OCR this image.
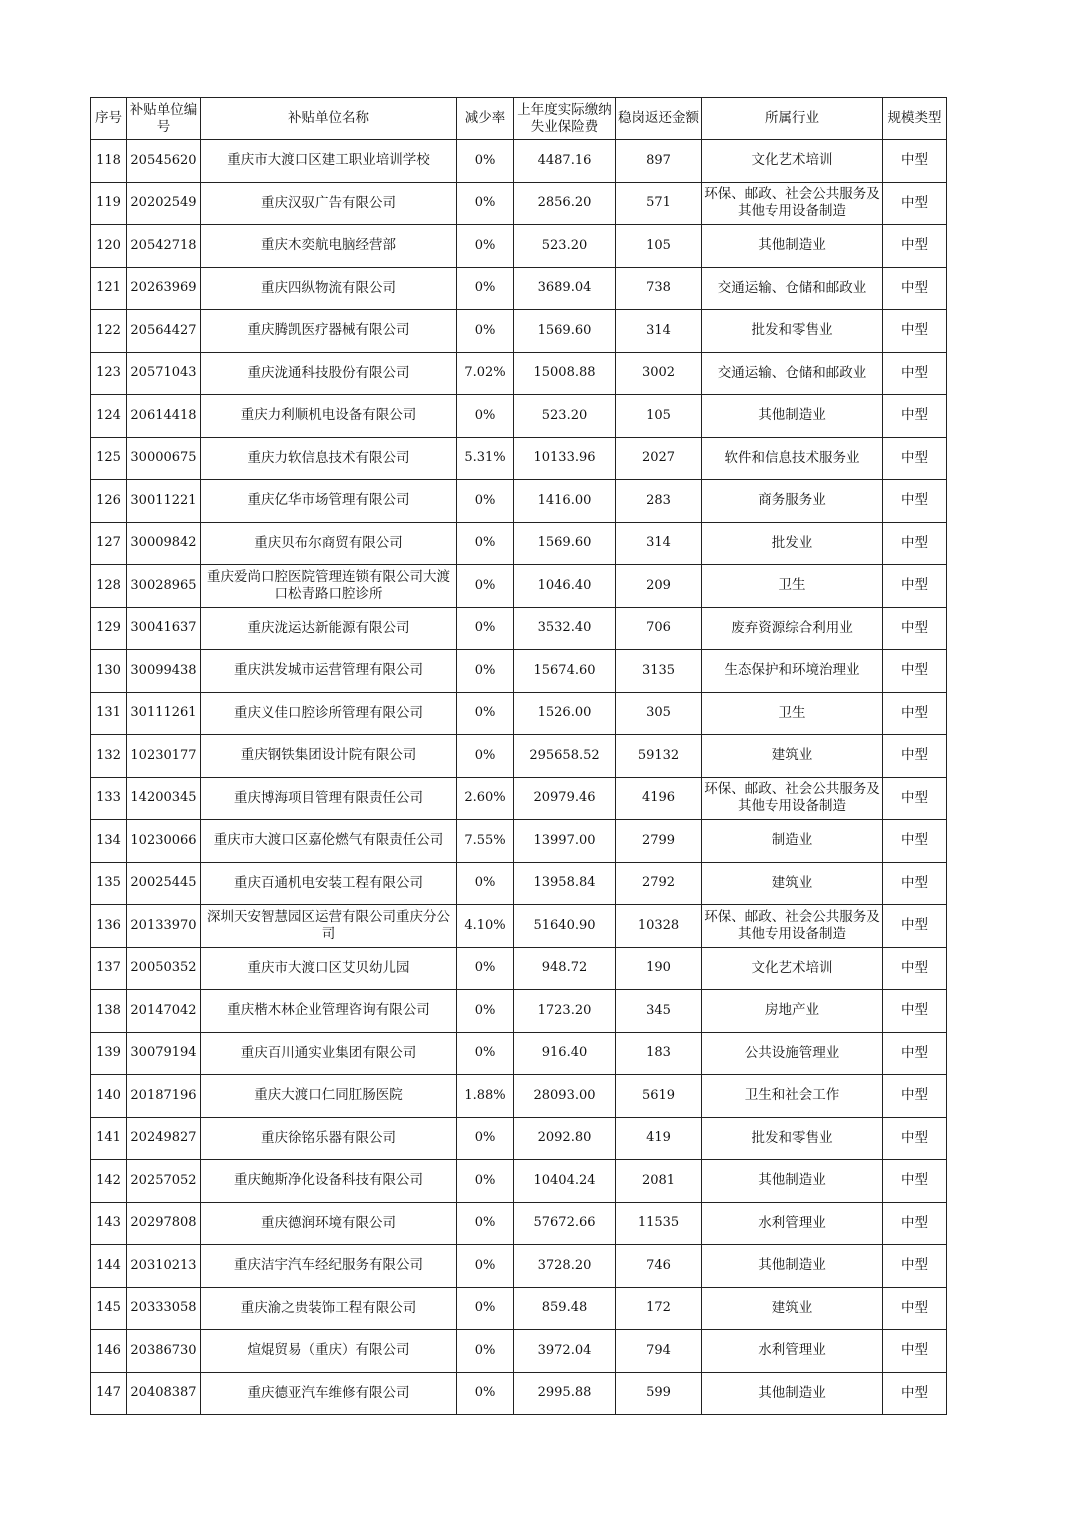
序号	补贴单位编号	补贴单位名称	减少率	上年度实际缴纳失业保险费	稳岗返还金额	所属行业	规模类型
118	20545620	重庆市大渡口区建工职业培训学校	0%	4487.16	897	文化艺术培训	中型
119	20202549	重庆汉驭广告有限公司	0%	2856.20	571	环保、邮政、社会公共服务及其他专用设备制造	中型
120	20542718	重庆木奕航电脑经营部	0%	523.20	105	其他制造业	中型
121	20263969	重庆四纵物流有限公司	0%	3689.04	738	交通运输、仓储和邮政业	中型
122	20564427	重庆腾凯医疗器械有限公司	0%	1569.60	314	批发和零售业	中型
123	20571043	重庆泷通科技股份有限公司	7.02%	15008.88	3002	交通运输、仓储和邮政业	中型
124	20614418	重庆力利顺机电设备有限公司	0%	523.20	105	其他制造业	中型
125	30000675	重庆力软信息技术有限公司	5.31%	10133.96	2027	软件和信息技术服务业	中型
126	30011221	重庆亿华市场管理有限公司	0%	1416.00	283	商务服务业	中型
127	30009842	重庆贝布尔商贸有限公司	0%	1569.60	314	批发业	中型
128	30028965	重庆爱尚口腔医院管理连锁有限公司大渡口松青路口腔诊所	0%	1046.40	209	卫生	中型
129	30041637	重庆泷运达新能源有限公司	0%	3532.40	706	废弃资源综合利用业	中型
130	30099438	重庆洪发城市运营管理有限公司	0%	15674.60	3135	生态保护和环境治理业	中型
131	30111261	重庆义佳口腔诊所管理有限公司	0%	1526.00	305	卫生	中型
132	10230177	重庆钢铁集团设计院有限公司	0%	295658.52	59132	建筑业	中型
133	14200345	重庆博海项目管理有限责任公司	2.60%	20979.46	4196	环保、邮政、社会公共服务及其他专用设备制造	中型
134	10230066	重庆市大渡口区嘉伦燃气有限责任公司	7.55%	13997.00	2799	制造业	中型
135	20025445	重庆百通机电安装工程有限公司	0%	13958.84	2792	建筑业	中型
136	20133970	深圳天安智慧园区运营有限公司重庆分公司	4.10%	51640.90	10328	环保、邮政、社会公共服务及其他专用设备制造	中型
137	20050352	重庆市大渡口区艾贝幼儿园	0%	948.72	190	文化艺术培训	中型
138	20147042	重庆楷木林企业管理咨询有限公司	0%	1723.20	345	房地产业	中型
139	30079194	重庆百川通实业集团有限公司	0%	916.40	183	公共设施管理业	中型
140	20187196	重庆大渡口仁同肛肠医院	1.88%	28093.00	5619	卫生和社会工作	中型
141	20249827	重庆徐铭乐器有限公司	0%	2092.80	419	批发和零售业	中型
142	20257052	重庆鲍斯净化设备科技有限公司	0%	10404.24	2081	其他制造业	中型
143	20297808	重庆德润环境有限公司	0%	57672.66	11535	水利管理业	中型
144	20310213	重庆洁宇汽车经纪服务有限公司	0%	3728.20	746	其他制造业	中型
145	20333058	重庆渝之贵装饰工程有限公司	0%	859.48	172	建筑业	中型
146	20386730	煊焜贸易（重庆）有限公司	0%	3972.04	794	水利管理业	中型
147	20408387	重庆德亚汽车维修有限公司	0%	2995.88	599	其他制造业	中型
